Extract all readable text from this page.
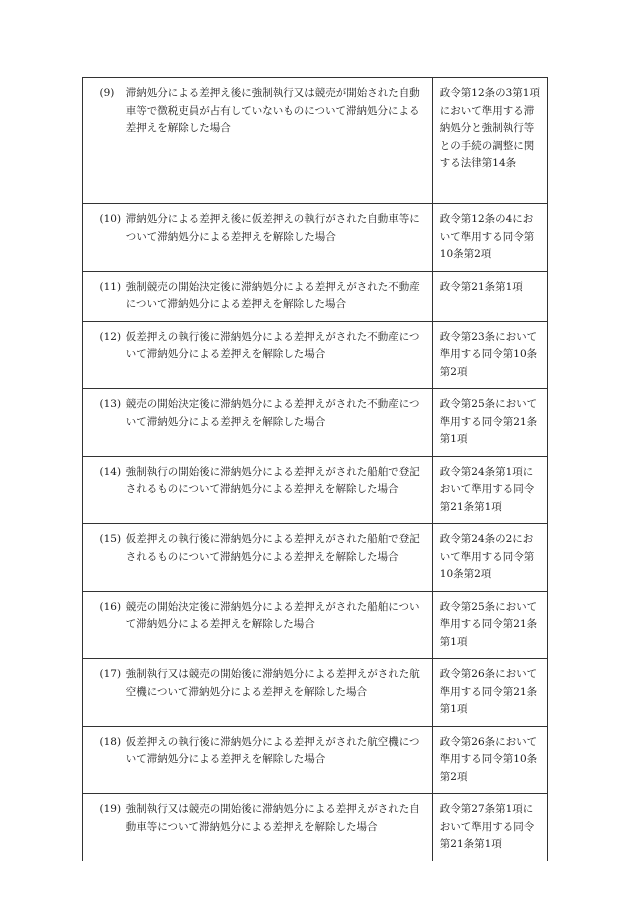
(9) 滞納処分による差押え後に強制執行又は競売が開始された自動車等で徴税吏員が占有していないものについて滞納処分による差押えを解除した場合	政令第12条の3第1項において準用する滞納処分と強制執行等との手続の調整に関する法律第14条

(10) 滞納処分による差押え後に仮差押えの執行がされた自動車等について滞納処分による差押えを解除した場合	政令第12条の4において準用する同令第10条第2項

(11) 強制競売の開始決定後に滞納処分による差押えがされた不動産について滞納処分による差押えを解除した場合	政令第21条第1項

(12) 仮差押えの執行後に滞納処分による差押えがされた不動産について滞納処分による差押えを解除した場合	政令第23条において準用する同令第10条第2項

(13) 競売の開始決定後に滞納処分による差押えがされた不動産について滞納処分による差押えを解除した場合	政令第25条において準用する同令第21条第1項

(14) 強制執行の開始後に滞納処分による差押えがされた船舶で登記されるものについて滞納処分による差押えを解除した場合	政令第24条第1項において準用する同令第21条第1項

(15) 仮差押えの執行後に滞納処分による差押えがされた船舶で登記されるものについて滞納処分による差押えを解除した場合	政令第24条の2において準用する同令第10条第2項

(16) 競売の開始決定後に滞納処分による差押えがされた船舶について滞納処分による差押えを解除した場合	政令第25条において準用する同令第21条第1項

(17) 強制執行又は競売の開始後に滞納処分による差押えがされた航空機について滞納処分による差押えを解除した場合	政令第26条において準用する同令第21条第1項

(18) 仮差押えの執行後に滞納処分による差押えがされた航空機について滞納処分による差押えを解除した場合	政令第26条において準用する同令第10条第2項

(19) 強制執行又は競売の開始後に滞納処分による差押えがされた自動車等について滞納処分による差押えを解除した場合	政令第27条第1項において準用する同令第21条第1項
